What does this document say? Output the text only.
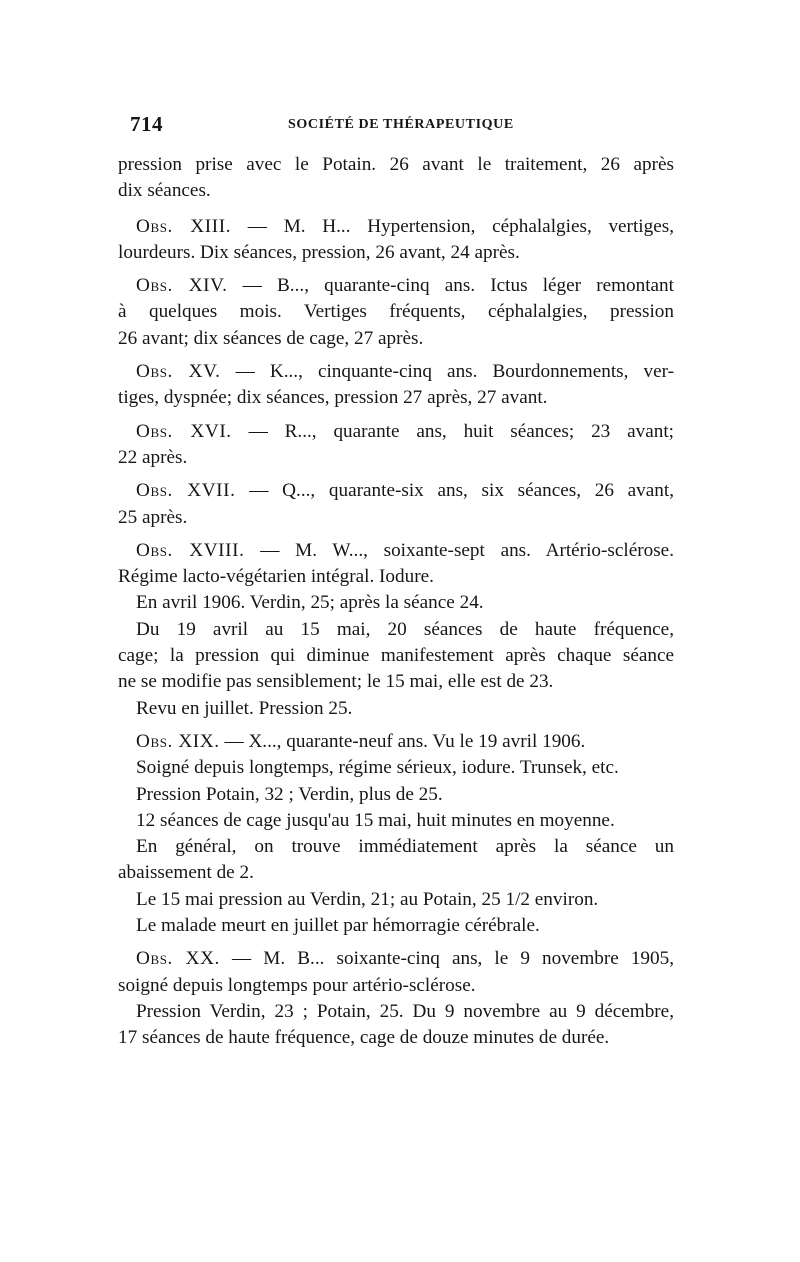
714	SOCIÉTÉ DE THÉRAPEUTIQUE

pression prise avec le Potain. 26 avant le traitement, 26 après
dix séances.

Obs. XIII. — M. H... Hypertension, céphalalgies, vertiges,
lourdeurs. Dix séances, pression, 26 avant, 24 après.

Obs. XIV. — B..., quarante-cinq ans. Ictus léger remontant
à quelques mois. Vertiges fréquents, céphalalgies, pression
26 avant; dix séances de cage, 27 après.

Obs. XV. — K..., cinquante-cinq ans. Bourdonnements, ver-
tiges, dyspnée; dix séances, pression 27 après, 27 avant.

Obs. XVI. — R..., quarante ans, huit séances; 23 avant;
22 après.

Obs. XVII. — Q..., quarante-six ans, six séances, 26 avant,
25 après.

Obs. XVIII. — M. W..., soixante-sept ans. Artério-sclérose.
Régime lacto-végétarien intégral. Iodure.
En avril 1906. Verdin, 25; après la séance 24.
Du 19 avril au 15 mai, 20 séances de haute fréquence,
cage; la pression qui diminue manifestement après chaque séance
ne se modifie pas sensiblement; le 15 mai, elle est de 23.
Revu en juillet. Pression 25.

Obs. XIX. — X..., quarante-neuf ans. Vu le 19 avril 1906.
Soigné depuis longtemps, régime sérieux, iodure. Trunsek, etc.
Pression Potain, 32 ; Verdin, plus de 25.
12 séances de cage jusqu'au 15 mai, huit minutes en moyenne.
En général, on trouve immédiatement après la séance un
abaissement de 2.
Le 15 mai pression au Verdin, 21; au Potain, 25 1/2 environ.
Le malade meurt en juillet par hémorragie cérébrale.

Obs. XX. — M. B... soixante-cinq ans, le 9 novembre 1905,
soigné depuis longtemps pour artério-sclérose.
Pression Verdin, 23 ; Potain, 25. Du 9 novembre au 9 décembre,
17 séances de haute fréquence, cage de douze minutes de durée.
